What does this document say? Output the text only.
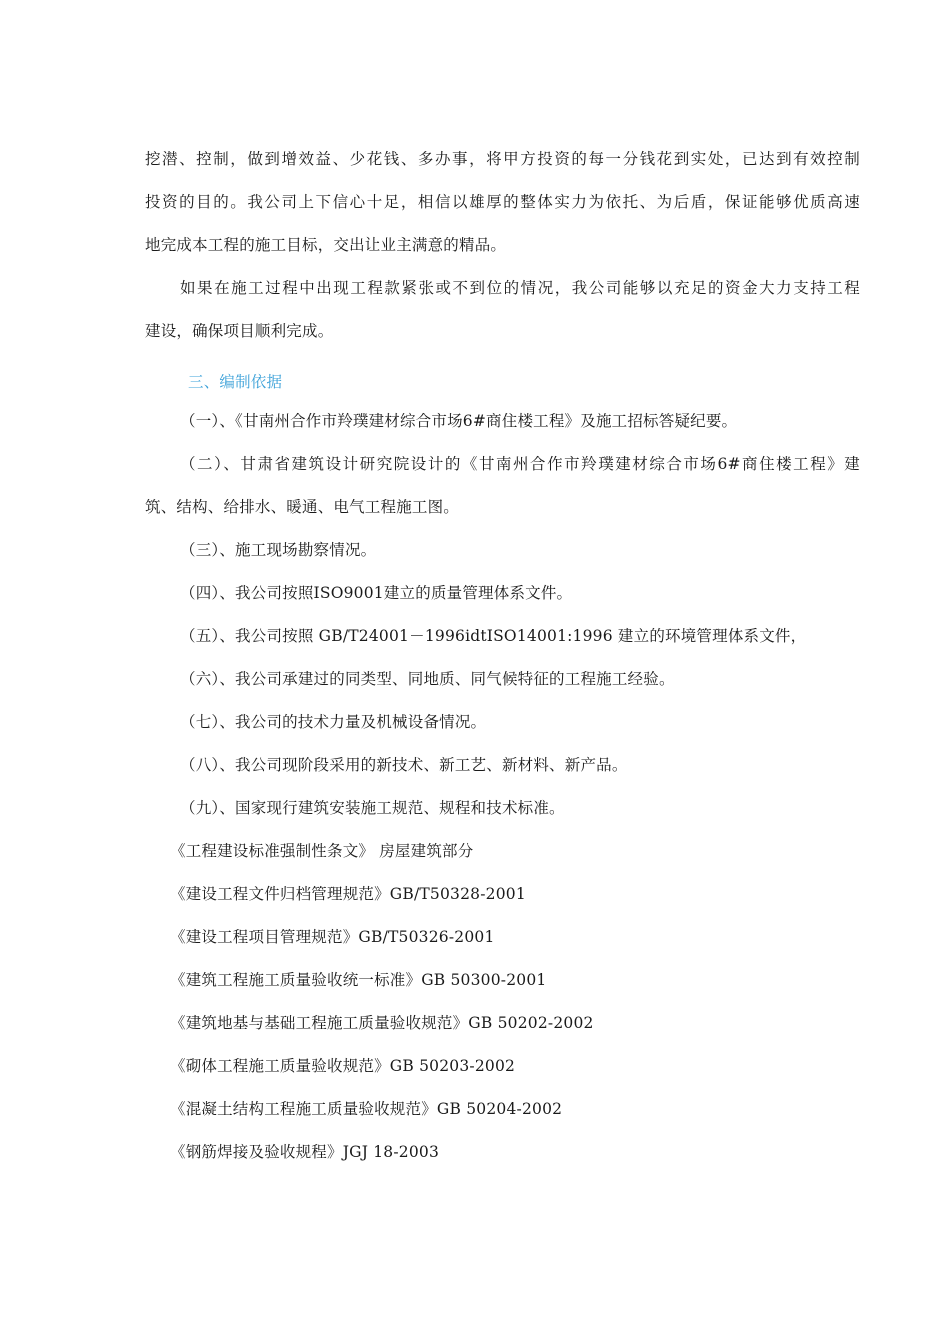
挖潜、控制，做到增效益、少花钱、多办事，将甲方投资的每一分钱花到实处，已达到有效控制
投资的目的。我公司上下信心十足，相信以雄厚的整体实力为依托、为后盾，保证能够优质高速
地完成本工程的施工目标，交出让业主满意的精品。
如果在施工过程中出现工程款紧张或不到位的情况，我公司能够以充足的资金大力支持工程
建设，确保项目顺利完成。
三、编制依据
（一）、《甘南州合作市羚璞建材综合市场6#商住楼工程》及施工招标答疑纪要。
（二）、甘肃省建筑设计研究院设计的《甘南州合作市羚璞建材综合市场6#商住楼工程》建
筑、结构、给排水、暖通、电气工程施工图。
（三）、施工现场勘察情况。
（四）、我公司按照ISO9001建立的质量管理体系文件。
（五）、我公司按照 GB/T24001－1996idtISO14001:1996 建立的环境管理体系文件，
（六）、我公司承建过的同类型、同地质、同气候特征的工程施工经验。
（七）、我公司的技术力量及机械设备情况。
（八）、我公司现阶段采用的新技术、新工艺、新材料、新产品。
（九）、国家现行建筑安装施工规范、规程和技术标准。
《工程建设标准强制性条文》 房屋建筑部分
《建设工程文件归档管理规范》GB/T50328-2001
《建设工程项目管理规范》GB/T50326-2001
《建筑工程施工质量验收统一标准》GB 50300-2001
《建筑地基与基础工程施工质量验收规范》GB 50202-2002
《砌体工程施工质量验收规范》GB 50203-2002
《混凝土结构工程施工质量验收规范》GB 50204-2002
《钢筋焊接及验收规程》JGJ 18-2003
